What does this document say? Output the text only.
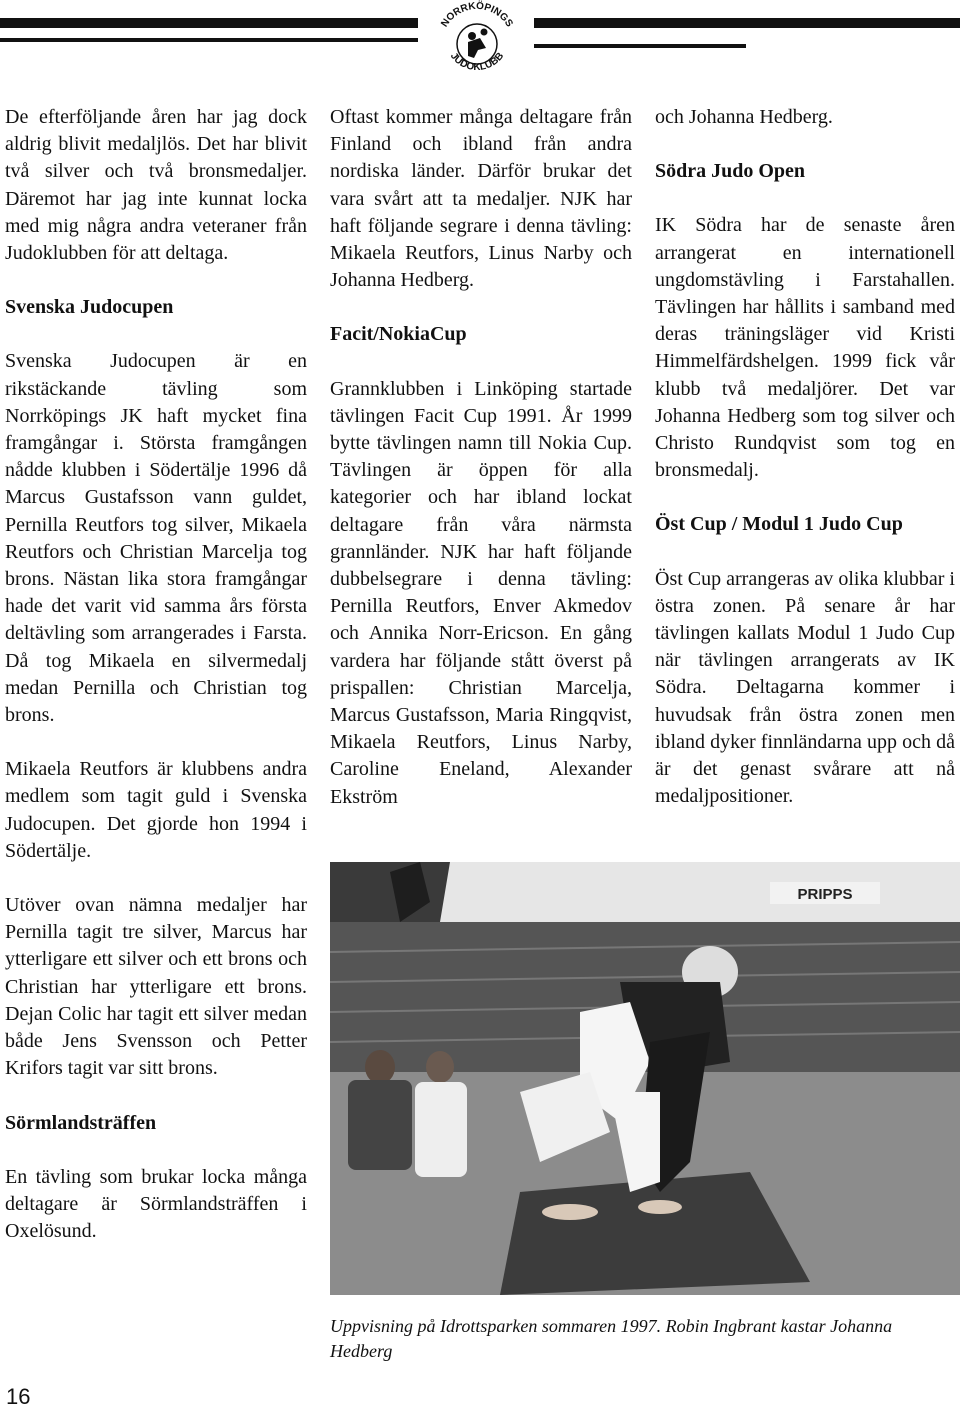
NORRKÖPINGS
JUDOKLUBB

De efterföljande åren har jag dock aldrig blivit medaljlös. Det har blivit två silver och två bronsmedaljer. Däremot har jag inte kunnat locka med mig några andra veteraner från Judoklubben för att deltaga.

Svenska Judocupen

Svenska Judocupen är en rikstäckande tävling som Norrköpings JK haft mycket fina framgångar i. Största framgången nådde klubben i Södertälje 1996 då Marcus Gustafsson vann guldet, Pernilla Reutfors tog silver, Mikaela Reutfors och Christian Marcelja tog brons. Nästan lika stora framgångar hade det varit vid samma års första deltävling som arrangerades i Farsta. Då tog Mikaela en silvermedalj medan Pernilla och Christian tog brons.

Mikaela Reutfors är klubbens andra medlem som tagit guld i Svenska Judocupen. Det gjorde hon 1994 i Södertälje.

Utöver ovan nämna medaljer har Pernilla tagit tre silver, Marcus har ytterligare ett silver och ett brons och Christian har ytterligare ett brons. Dejan Colic har tagit ett silver medan både Jens Svensson och Petter Krifors tagit var sitt brons.

Sörmlandsträffen

En tävling som brukar locka många deltagare är Sörmlandsträffen i Oxelösund.

Oftast kommer många deltagare från Finland och ibland från andra nordiska länder. Därför brukar det vara svårt att ta medaljer. NJK har haft följande segrare i denna tävling: Mikaela Reutfors, Linus Narby och Johanna Hedberg.

Facit/NokiaCup

Grannklubben i Linköping startade tävlingen Facit Cup 1991. År 1999 bytte tävlingen namn till Nokia Cup. Tävlingen är öppen för alla kategorier och har ibland lockat deltagare från våra närmsta grannländer. NJK har haft följande dubbelsegrare i denna tävling: Pernilla Reutfors, Enver Akmedov och Annika Norr-Ericson. En gång vardera har följande stått överst på prispallen: Christian Marcelja, Marcus Gustafsson, Maria Ringqvist, Mikaela Reutfors, Linus Narby, Caroline Eneland, Alexander Ekström

och Johanna Hedberg.

Södra Judo Open

IK Södra har de senaste åren arrangerat en internationell ungdomstävling i Farstahallen. Tävlingen har hållits i samband med deras träningsläger vid Kristi Himmelfärdshelgen. 1999 fick vår klubb två medaljörer. Det var Johanna Hedberg som tog silver och Christo Rundqvist som tog en bronsmedalj.

Öst Cup / Modul 1 Judo Cup

Öst Cup arrangeras av olika klubbar i östra zonen. På senare år har tävlingen kallats Modul 1 Judo Cup när tävlingen arrangerats av IK Södra. Deltagarna kommer i huvudsak från östra zonen men ibland dyker finnländarna upp och då är det genast svårare att nå medaljpositioner.

PRIPPS
Uppvisning på Idrottsparken sommaren 1997. Robin Ingbrant kastar Johanna Hedberg
16
